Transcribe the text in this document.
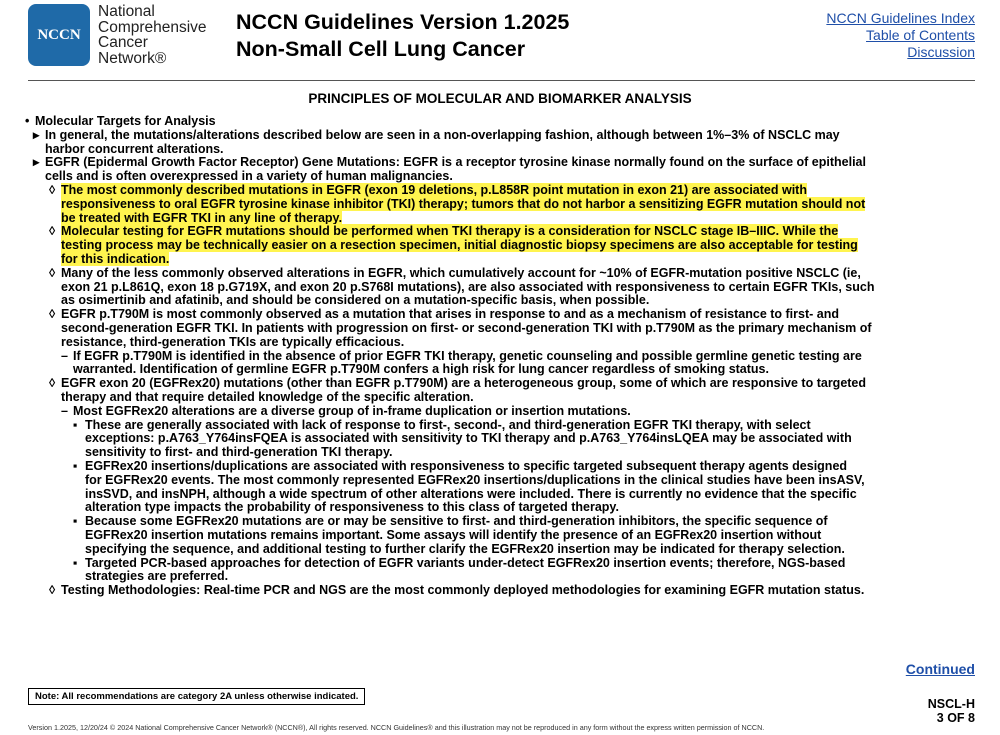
NCCN
National
Comprehensive
Cancer
Network®
NCCN Guidelines Version 1.2025
Non-Small Cell Lung Cancer
NCCN Guidelines Index
Table of Contents
Discussion
PRINCIPLES OF MOLECULAR AND BIOMARKER ANALYSIS
• Molecular Targets for Analysis
▸ In general, the mutations/alterations described below are seen in a non-overlapping fashion, although between 1%–3% of NSCLC may
harbor concurrent alterations.
▸ EGFR (Epidermal Growth Factor Receptor) Gene Mutations: EGFR is a receptor tyrosine kinase normally found on the surface of epithelial
cells and is often overexpressed in a variety of human malignancies.
◊ The most commonly described mutations in EGFR (exon 19 deletions, p.L858R point mutation in exon 21) are associated with
responsiveness to oral EGFR tyrosine kinase inhibitor (TKI) therapy; tumors that do not harbor a sensitizing EGFR mutation should not
be treated with EGFR TKI in any line of therapy.
◊ Molecular testing for EGFR mutations should be performed when TKI therapy is a consideration for NSCLC stage IB–IIIC. While the
testing process may be technically easier on a resection specimen, initial diagnostic biopsy specimens are also acceptable for testing
for this indication.
◊ Many of the less commonly observed alterations in EGFR, which cumulatively account for ~10% of EGFR-mutation positive NSCLC (ie,
exon 21 p.L861Q, exon 18 p.G719X, and exon 20 p.S768I mutations), are also associated with responsiveness to certain EGFR TKIs, such
as osimertinib and afatinib, and should be considered on a mutation-specific basis, when possible.
◊ EGFR p.T790M is most commonly observed as a mutation that arises in response to and as a mechanism of resistance to first- and
second-generation EGFR TKI. In patients with progression on first- or second-generation TKI with p.T790M as the primary mechanism of
resistance, third-generation TKIs are typically efficacious.
– If EGFR p.T790M is identified in the absence of prior EGFR TKI therapy, genetic counseling and possible germline genetic testing are
warranted. Identification of germline EGFR p.T790M confers a high risk for lung cancer regardless of smoking status.
◊ EGFR exon 20 (EGFRex20) mutations (other than EGFR p.T790M) are a heterogeneous group, some of which are responsive to targeted
therapy and that require detailed knowledge of the specific alteration.
– Most EGFRex20 alterations are a diverse group of in-frame duplication or insertion mutations.
▪ These are generally associated with lack of response to first-, second-, and third-generation EGFR TKI therapy, with select
exceptions: p.A763_Y764insFQEA is associated with sensitivity to TKI therapy and p.A763_Y764insLQEA may be associated with
sensitivity to first- and third-generation TKI therapy.
▪ EGFRex20 insertions/duplications are associated with responsiveness to specific targeted subsequent therapy agents designed
for EGFRex20 events. The most commonly represented EGFRex20 insertions/duplications in the clinical studies have been insASV,
insSVD, and insNPH, although a wide spectrum of other alterations were included. There is currently no evidence that the specific
alteration type impacts the probability of responsiveness to this class of targeted therapy.
▪ Because some EGFRex20 mutations are or may be sensitive to first- and third-generation inhibitors, the specific sequence of
EGFRex20 insertion mutations remains important. Some assays will identify the presence of an EGFRex20 insertion without
specifying the sequence, and additional testing to further clarify the EGFRex20 insertion may be indicated for therapy selection.
▪ Targeted PCR-based approaches for detection of EGFR variants under-detect EGFRex20 insertion events; therefore, NGS-based
strategies are preferred.
◊ Testing Methodologies: Real-time PCR and NGS are the most commonly deployed methodologies for examining EGFR mutation status.
Note: All recommendations are category 2A unless otherwise indicated.
Continued
NSCL-H
3 OF 8
Version 1.2025, 12/20/24 © 2024 National Comprehensive Cancer Network® (NCCN®), All rights reserved. NCCN Guidelines® and this illustration may not be reproduced in any form without the express written permission of NCCN.
